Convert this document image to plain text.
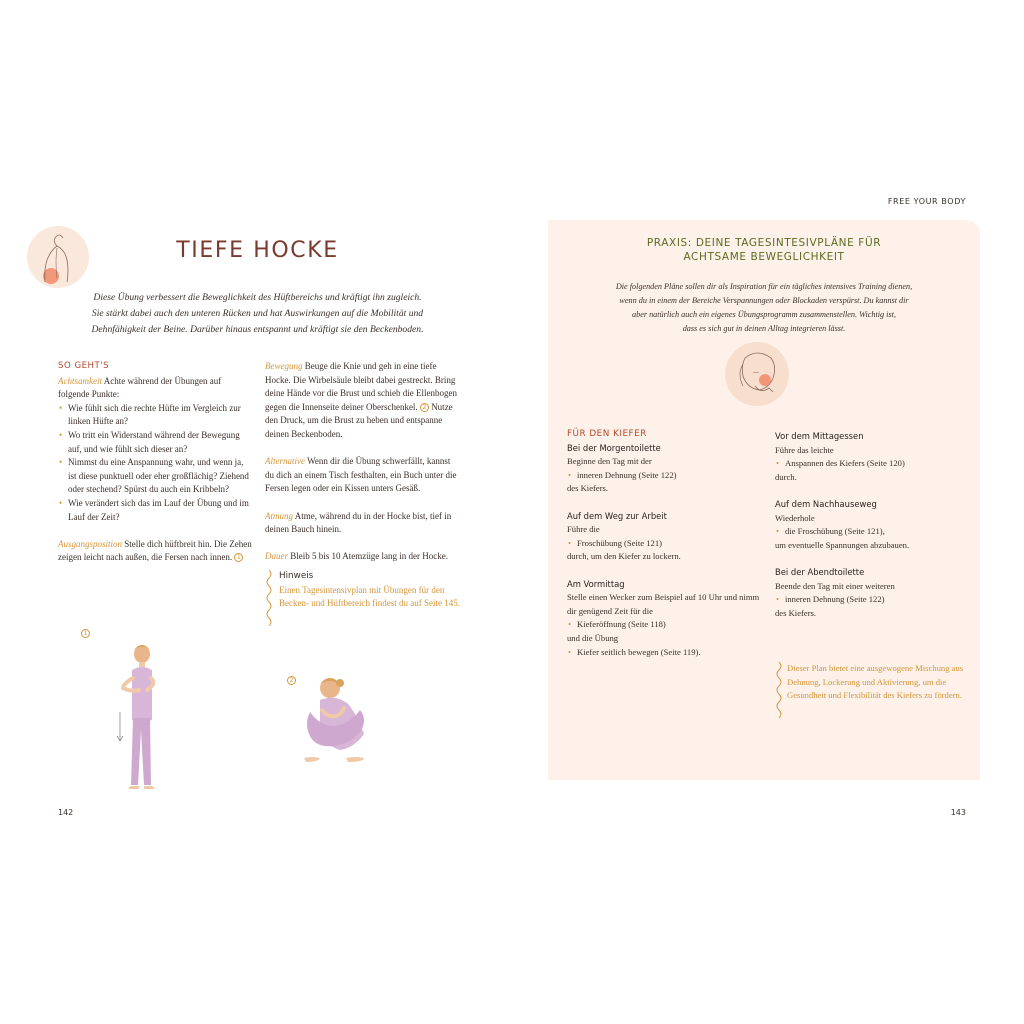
FREE YOUR BODY
142	143
TIEFE HOCKE
Diese Übung verbessert die Beweglichkeit des Hüftbereichs und kräftigt ihn zugleich.
Sie stärkt dabei auch den unteren Rücken und hat Auswirkungen auf die Mobilität und
Dehnfähigkeit der Beine. Darüber hinaus entspannt und kräftigt sie den Beckenboden.
SO GEHT'S
Achtsamkeit Achte während der Übungen auf folgende Punkte:
• Wie fühlt sich die rechte Hüfte im Vergleich zur linken Hüfte an?
• Wo tritt ein Widerstand während der Bewegung auf, und wie fühlt sich dieser an?
• Nimmst du eine Anspannung wahr, und wenn ja, ist diese punktuell oder eher großflächig? Ziehend oder stechend? Spürst du auch ein Kribbeln?
• Wie verändert sich das im Lauf der Übung und im Lauf der Zeit?
Ausgangsposition Stelle dich hüftbreit hin. Die Zehen zeigen leicht nach außen, die Fersen nach innen. 1
Bewegung Beuge die Knie und geh in eine tiefe Hocke. Die Wirbelsäule bleibt dabei gestreckt. Bring deine Hände vor die Brust und schieb die Ellenbogen gegen die Innenseite deiner Oberschenkel. 2 Nutze den Druck, um die Brust zu heben und entspanne deinen Beckenboden.
Alternative Wenn dir die Übung schwerfällt, kannst du dich an einem Tisch festhalten, ein Buch unter die Fersen legen oder ein Kissen unters Gesäß.
Atmung Atme, während du in der Hocke bist, tief in deinen Bauch hinein.
Dauer Bleib 5 bis 10 Atemzüge lang in der Hocke.
Hinweis
Einen Tagesintensivplan mit Übungen für den Becken- und Hüftbereich findest du auf Seite 145.
1
2
PRAXIS: DEINE TAGESINTESIVPLÄNE FÜR
ACHTSAME BEWEGLICHKEIT
Die folgenden Pläne sollen dir als Inspiration für ein tägliches intensives Training dienen,
wenn du in einem der Bereiche Verspannungen oder Blockaden verspürst. Du kannst dir
aber natürlich auch ein eigenes Übungsprogramm zusammenstellen. Wichtig ist,
dass es sich gut in deinen Alltag integrieren lässt.
FÜR DEN KIEFER
Bei der Morgentoilette
Beginne den Tag mit der
• inneren Dehnung (Seite 122)
des Kiefers.
Auf dem Weg zur Arbeit
Führe die
• Froschübung (Seite 121)
durch, um den Kiefer zu lockern.
Am Vormittag
Stelle einen Wecker zum Beispiel auf 10 Uhr und nimm dir genügend Zeit für die
• Kieferöffnung (Seite 118)
und die Übung
• Kiefer seitlich bewegen (Seite 119).
Vor dem Mittagessen
Führe das leichte
• Anspannen des Kiefers (Seite 120)
durch.
Auf dem Nachhauseweg
Wiederhole
• die Froschübung (Seite 121),
um eventuelle Spannungen abzubauen.
Bei der Abendtoilette
Beende den Tag mit einer weiteren
• inneren Dehnung (Seite 122)
des Kiefers.
Dieser Plan bietet eine ausgewogene Mischung aus Dehnung, Lockerung und Aktivierung, um die Gesundheit und Flexibilität des Kiefers zu fördern.
